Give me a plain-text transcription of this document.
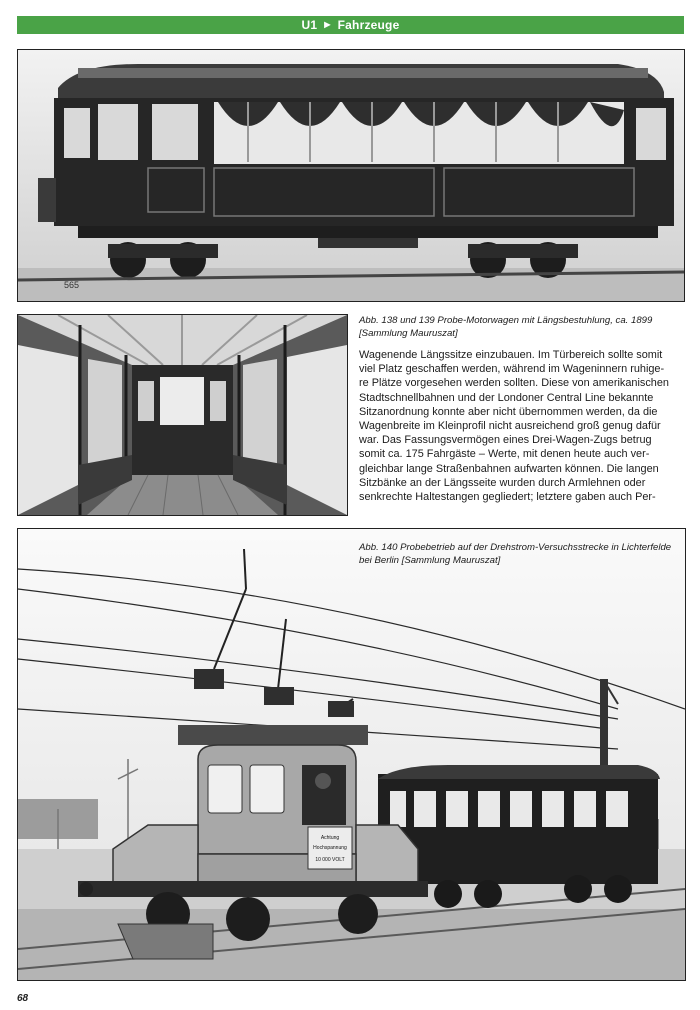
U1 ▶ Fahrzeuge
565
Abb. 138 und 139 Probe-Motorwagen mit Längsbestuhlung, ca. 1899 [Sammlung Mauruszat]
Wagenende Längssitze einzubauen. Im Türbereich sollte somit
viel Platz geschaffen werden, während im Wageninnern ruhige-
re Plätze vorgesehen werden sollten. Diese von amerikanischen
Stadtschnellbahnen und der Londoner Central Line bekannte
Sitzanordnung konnte aber nicht übernommen werden, da die
Wagenbreite im Kleinprofil nicht ausreichend groß genug dafür
war. Das Fassungsvermögen eines Drei-Wagen-Zugs betrug
somit ca. 175 Fahrgäste – Werte, mit denen heute auch ver-
gleichbar lange Straßenbahnen aufwarten können. Die langen
Sitzbänke an der Längsseite wurden durch Armlehnen oder
senkrechte Haltestangen gegliedert; letztere gaben auch Per-
Achtung
Hochspannung
10 000 VOLT
Abb. 140 Probebetrieb auf der Drehstrom-Versuchsstrecke in Lichterfelde bei Berlin [Sammlung Mauruszat]
68
